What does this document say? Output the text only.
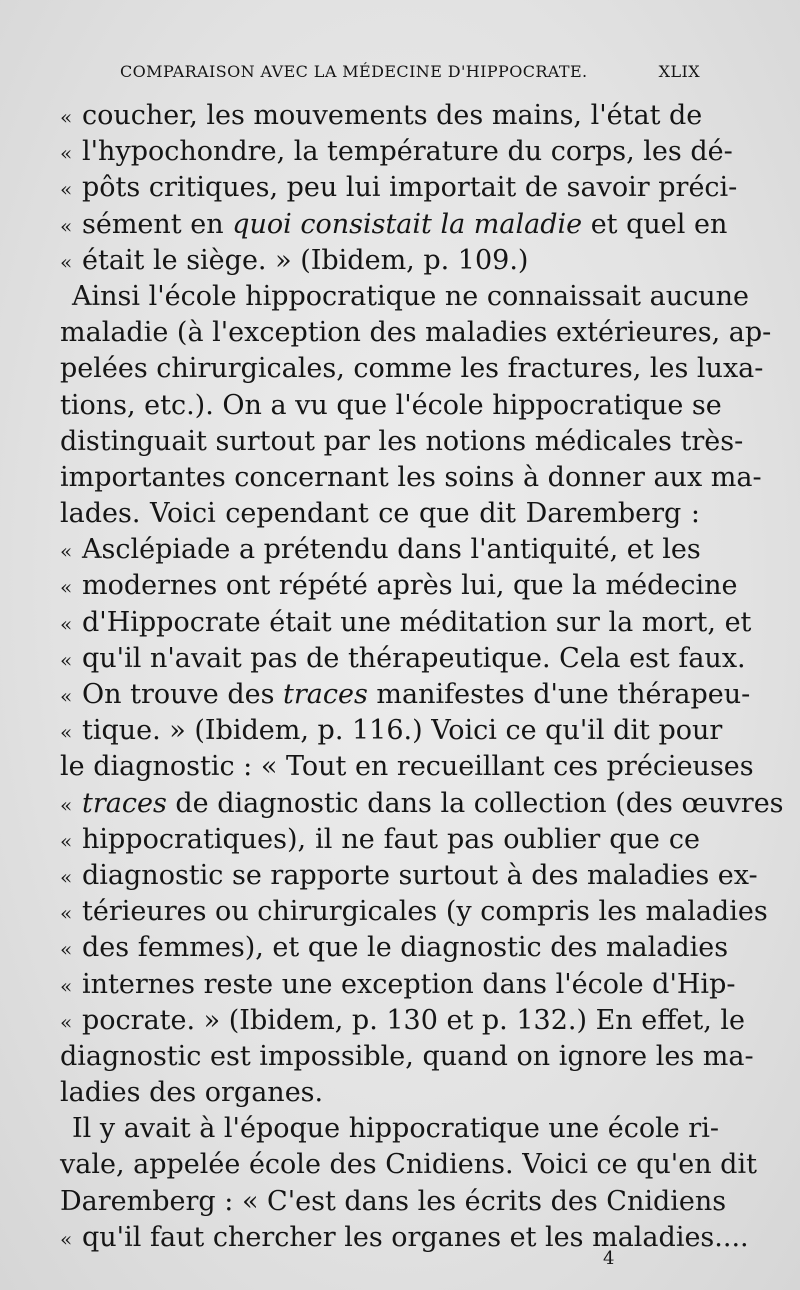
COMPARAISON AVEC LA MÉDECINE D'HIPPOCRATE.	XLIX
« coucher, les mouvements des mains, l'état de
« l'hypochondre, la température du corps, les dé-
« pôts critiques, peu lui importait de savoir préci-
« sément en quoi consistait la maladie et quel en
« était le siège. » (Ibidem, p. 109.)
Ainsi l'école hippocratique ne connaissait aucune
maladie (à l'exception des maladies extérieures, ap-
pelées chirurgicales, comme les fractures, les luxa-
tions, etc.). On a vu que l'école hippocratique se
distinguait surtout par les notions médicales très-
importantes concernant les soins à donner aux ma-
lades. Voici cependant ce que dit Daremberg :
« Asclépiade a prétendu dans l'antiquité, et les
« modernes ont répété après lui, que la médecine
« d'Hippocrate était une méditation sur la mort, et
« qu'il n'avait pas de thérapeutique. Cela est faux.
« On trouve des traces manifestes d'une thérapeu-
« tique. » (Ibidem, p. 116.) Voici ce qu'il dit pour
le diagnostic : « Tout en recueillant ces précieuses
« traces de diagnostic dans la collection (des œuvres
« hippocratiques), il ne faut pas oublier que ce
« diagnostic se rapporte surtout à des maladies ex-
« térieures ou chirurgicales (y compris les maladies
« des femmes), et que le diagnostic des maladies
« internes reste une exception dans l'école d'Hip-
« pocrate. » (Ibidem, p. 130 et p. 132.) En effet, le
diagnostic est impossible, quand on ignore les ma-
ladies des organes.
Il y avait à l'époque hippocratique une école ri-
vale, appelée école des Cnidiens. Voici ce qu'en dit
Daremberg : « C'est dans les écrits des Cnidiens
« qu'il faut chercher les organes et les maladies....
4
